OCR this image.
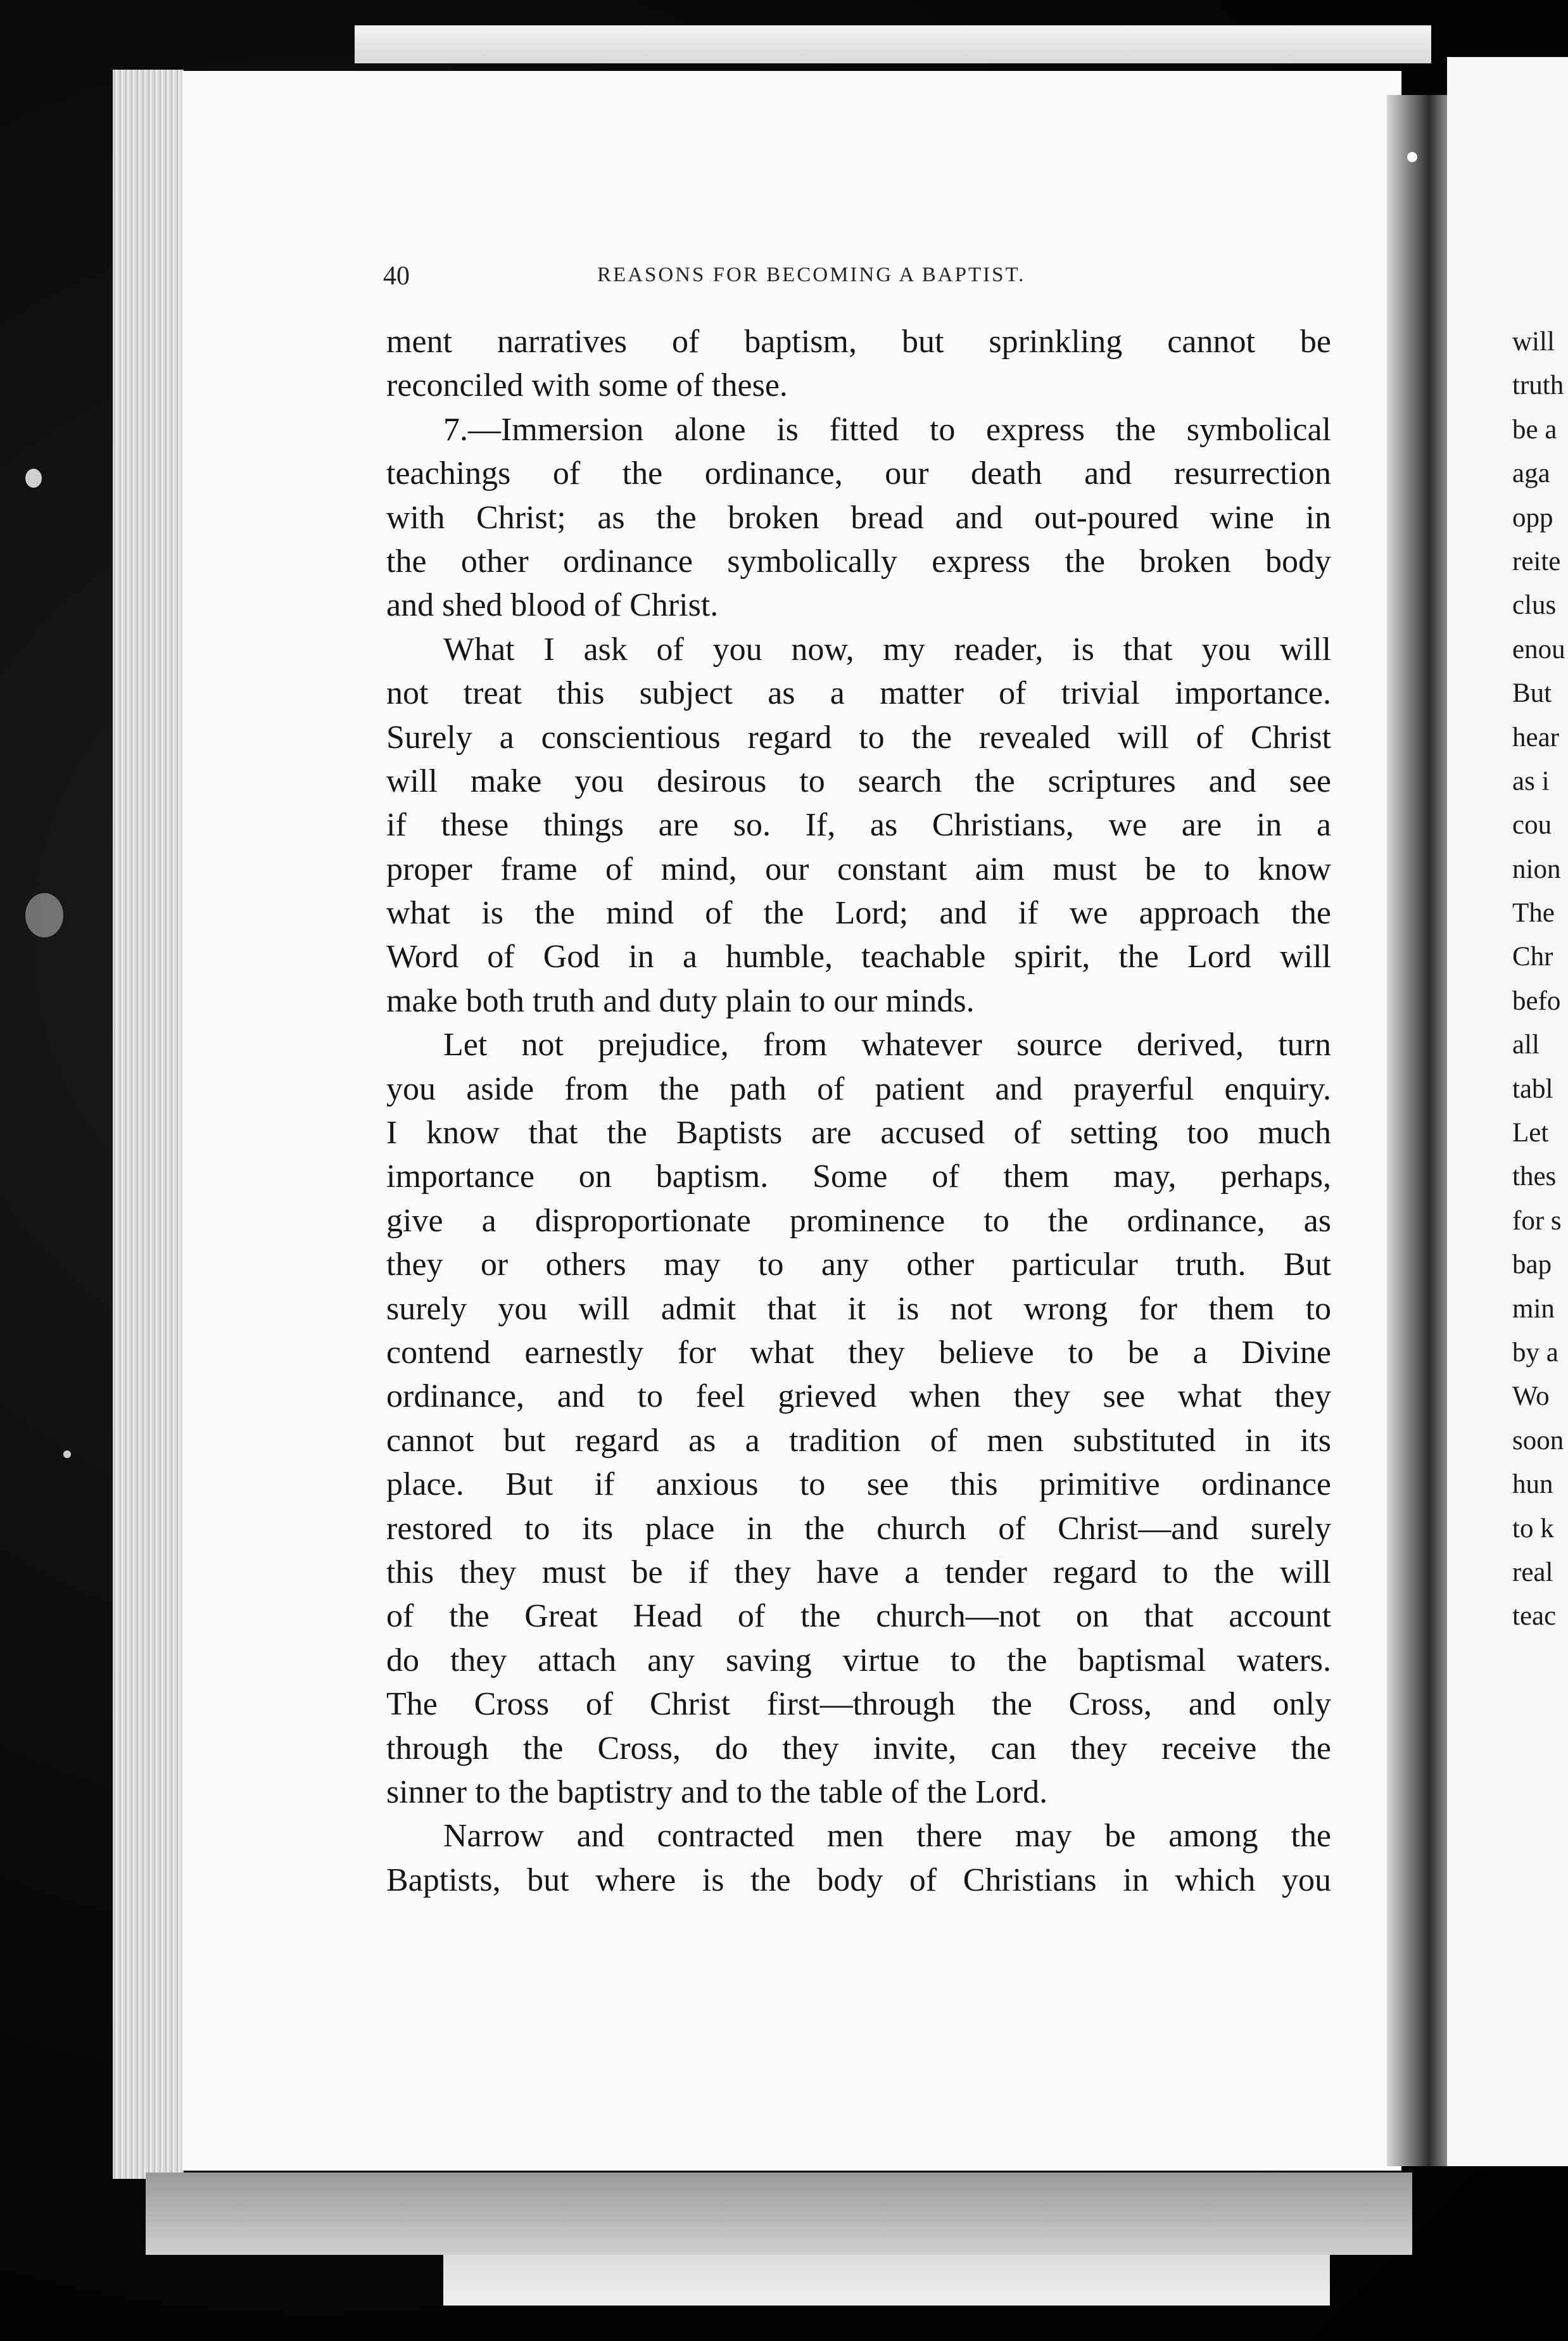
40	REASONS FOR BECOMING A BAPTIST.
ment narratives of baptism, but sprinkling cannot be
reconciled with some of these.
7.—Immersion alone is fitted to express the symbolical
teachings of the ordinance, our death and resurrection
with Christ; as the broken bread and out-poured wine in
the other ordinance symbolically express the broken body
and shed blood of Christ.
What I ask of you now, my reader, is that you will
not treat this subject as a matter of trivial importance.
Surely a conscientious regard to the revealed will of Christ
will make you desirous to search the scriptures and see
if these things are so. If, as Christians, we are in a
proper frame of mind, our constant aim must be to know
what is the mind of the Lord; and if we approach the
Word of God in a humble, teachable spirit, the Lord will
make both truth and duty plain to our minds.
Let not prejudice, from whatever source derived, turn
you aside from the path of patient and prayerful enquiry.
I know that the Baptists are accused of setting too much
importance on baptism. Some of them may, perhaps,
give a disproportionate prominence to the ordinance, as
they or others may to any other particular truth. But
surely you will admit that it is not wrong for them to
contend earnestly for what they believe to be a Divine
ordinance, and to feel grieved when they see what they
cannot but regard as a tradition of men substituted in its
place. But if anxious to see this primitive ordinance
restored to its place in the church of Christ—and surely
this they must be if they have a tender regard to the will
of the Great Head of the church—not on that account
do they attach any saving virtue to the baptismal waters.
The Cross of Christ first—through the Cross, and only
through the Cross, do they invite, can they receive the
sinner to the baptistry and to the table of the Lord.
Narrow and contracted men there may be among the
Baptists, but where is the body of Christians in which you
will
truth
be a
aga
opp
reite
clus
enou
But
hear
as i
cou
nion
The
Chr
befo
all
tabl
Let
thes
for s
bap
min
by a
Wo
soon
hun
to k
real
teac
